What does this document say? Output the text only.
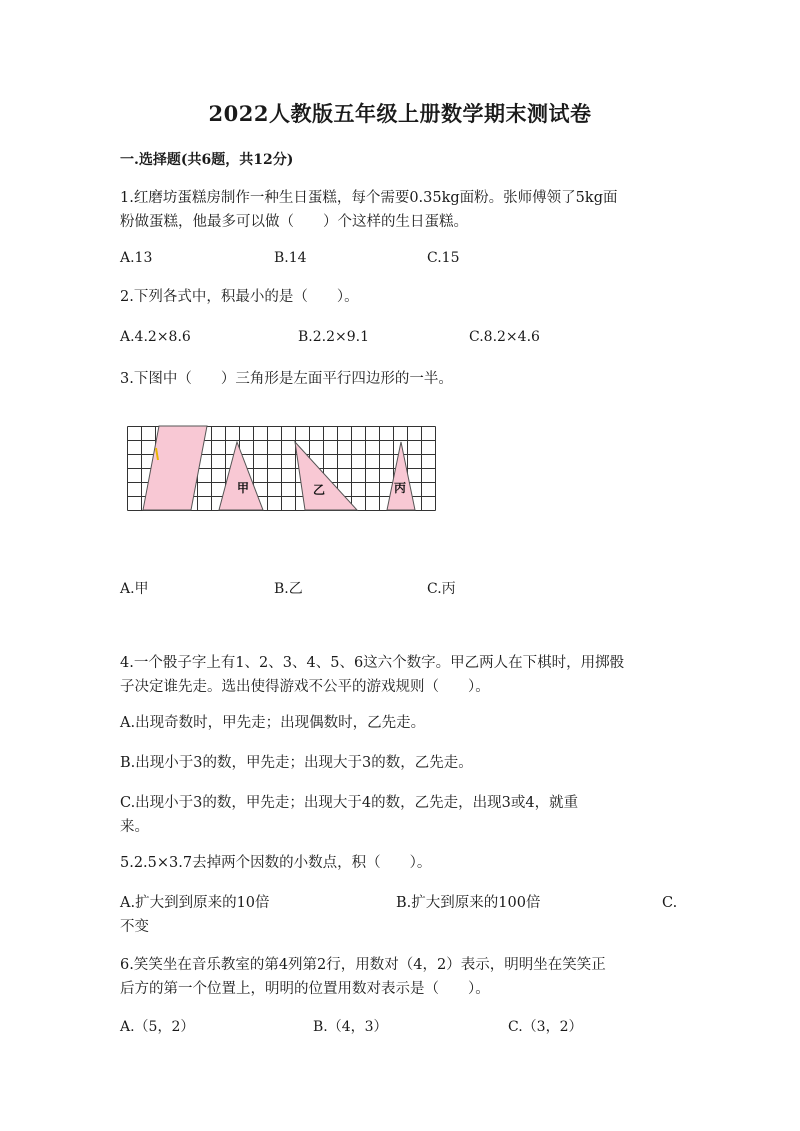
2022人教版五年级上册数学期末测试卷
一.选择题(共6题，共12分)
1.红磨坊蛋糕房制作一种生日蛋糕，每个需要0.35kg面粉。张师傅领了5kg面
粉做蛋糕，他最多可以做（　　）个这样的生日蛋糕。
A.13	B.14	C.15
2.下列各式中，积最小的是（　　）。
A.4.2×8.6	B.2.2×9.1	C.8.2×4.6
3.下图中（　　）三角形是左面平行四边形的一半。
甲	乙	丙
A.甲	B.乙	C.丙
4.一个骰子字上有1、2、3、4、5、6这六个数字。甲乙两人在下棋时，用掷骰
子决定谁先走。选出使得游戏不公平的游戏规则（　　）。
A.出现奇数时，甲先走；出现偶数时，乙先走。
B.出现小于3的数，甲先走；出现大于3的数，乙先走。
C.出现小于3的数，甲先走；出现大于4的数，乙先走，出现3或4，就重
来。
5.2.5×3.7去掉两个因数的小数点，积（　　）。
A.扩大到到原来的10倍	B.扩大到原来的100倍	C.
不变
6.笑笑坐在音乐教室的第4列第2行，用数对（4，2）表示，明明坐在笑笑正
后方的第一个位置上，明明的位置用数对表示是（　　）。
A.（5，2）	B.（4，3）	C.（3，2）
